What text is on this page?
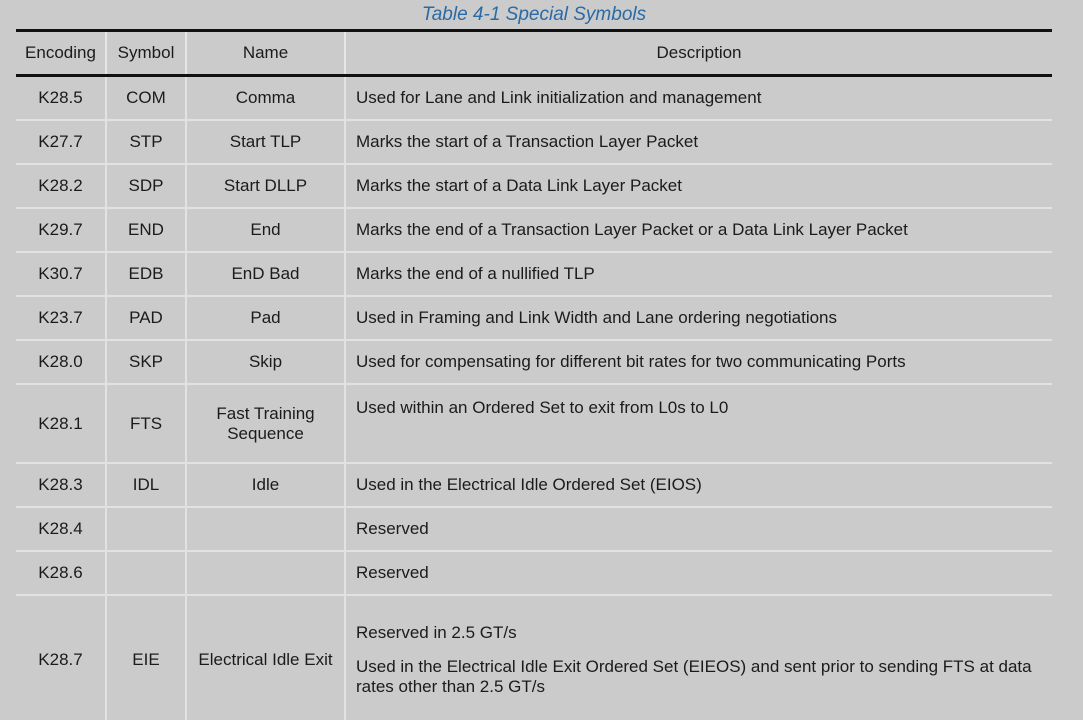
Table 4-1 Special Symbols
Encoding	Symbol	Name	Description
K28.5	COM	Comma	Used for Lane and Link initialization and management
K27.7	STP	Start TLP	Marks the start of a Transaction Layer Packet
K28.2	SDP	Start DLLP	Marks the start of a Data Link Layer Packet
K29.7	END	End	Marks the end of a Transaction Layer Packet or a Data Link Layer Packet
K30.7	EDB	EnD Bad	Marks the end of a nullified TLP
K23.7	PAD	Pad	Used in Framing and Link Width and Lane ordering negotiations
K28.0	SKP	Skip	Used for compensating for different bit rates for two communicating Ports
K28.1	FTS	Fast Training Sequence	Used within an Ordered Set to exit from L0s to L0
K28.3	IDL	Idle	Used in the Electrical Idle Ordered Set (EIOS)
K28.4			Reserved
K28.6			Reserved
K28.7	EIE	Electrical Idle Exit	Reserved in 2.5 GT/s
Used in the Electrical Idle Exit Ordered Set (EIEOS) and sent prior to sending FTS at data rates other than 2.5 GT/s
